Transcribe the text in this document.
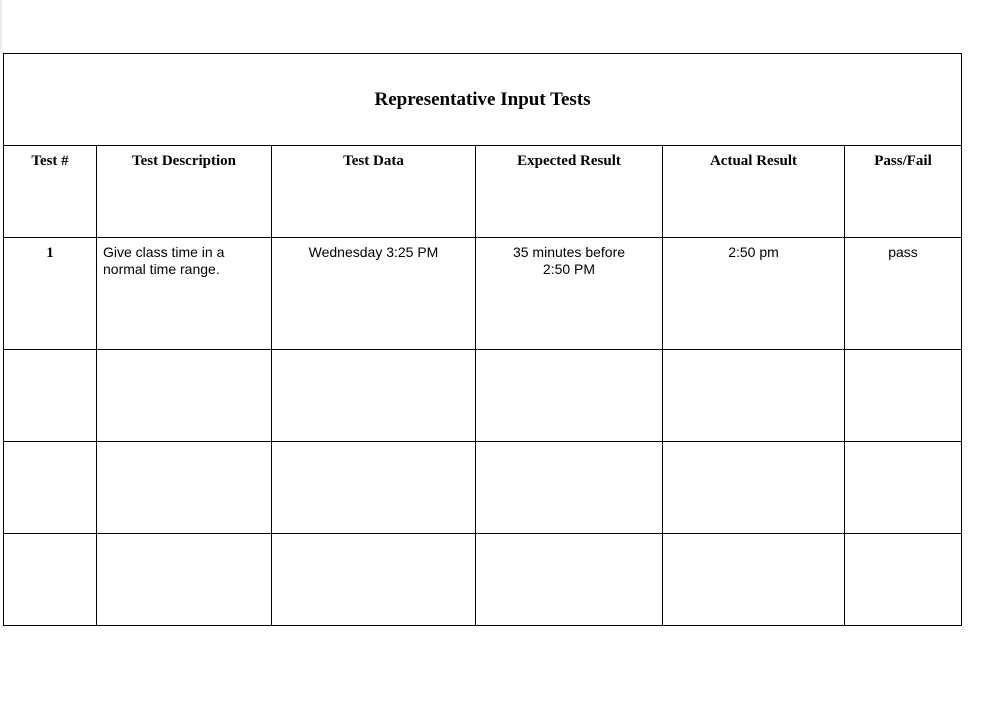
Representative Input Tests					

Test #	Test Description	Test Data	Expected Result	Actual Result	Pass/Fail

1	Give class time in a normal time range.	Wednesday 3:25 PM	35 minutes before 2:50 PM	2:50 pm	pass
